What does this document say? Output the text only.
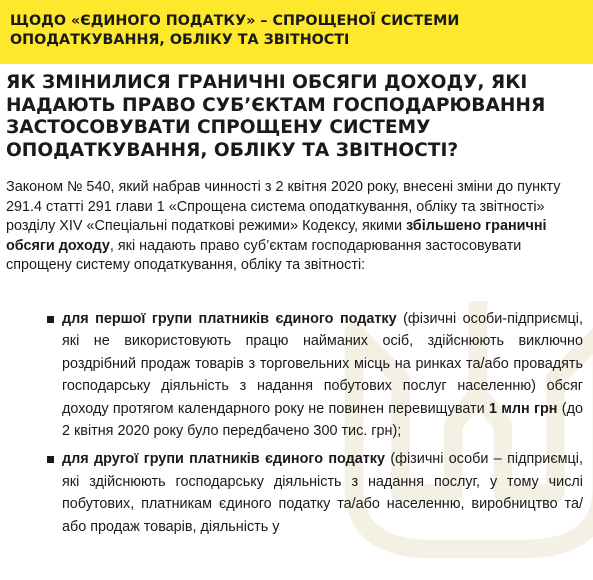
ЩОДО «ЄДИНОГО ПОДАТКУ» – СПРОЩЕНОЇ СИСТЕМИ ОПОДАТКУВАННЯ, ОБЛІКУ ТА ЗВІТНОСТІ
ЯК ЗМІНИЛИСЯ ГРАНИЧНІ ОБСЯГИ ДОХОДУ, ЯКІ НАДАЮТЬ ПРАВО СУБ’ЄКТАМ ГОСПОДАРЮВАННЯ ЗАСТОСОВУВАТИ СПРОЩЕНУ СИСТЕМУ ОПОДАТКУВАННЯ, ОБЛІКУ ТА ЗВІТНОСТІ?
Законом № 540, який набрав чинності з 2 квітня 2020 року, внесені зміни до пункту 291.4 статті 291 глави 1 «Спрощена система оподаткування, обліку та звітності» розділу XIV «Спеціальні податкові режими» Кодексу, якими збільшено граничні обсяги доходу, які надають право суб’єктам господарювання застосовувати спрощену систему оподаткування, обліку та звітності:
для першої групи платників єдиного податку (фізичні особи-підприємці, які не використовують працю найманих осіб, здійснюють виключно роздрібний продаж товарів з торговельних місць на ринках та/або провадять господарську діяльність з надання побутових послуг населенню) обсяг доходу протягом календарного року не повинен перевищувати 1 млн грн (до 2 квітня 2020 року було передбачено 300 тис. грн);
для другої групи платників єдиного податку (фізичні особи – підприємці, які здійснюють господарську діяльність з надання послуг, у тому числі побутових, платникам єдиного податку та/або населенню, виробництво та/або продаж товарів, діяльність у
